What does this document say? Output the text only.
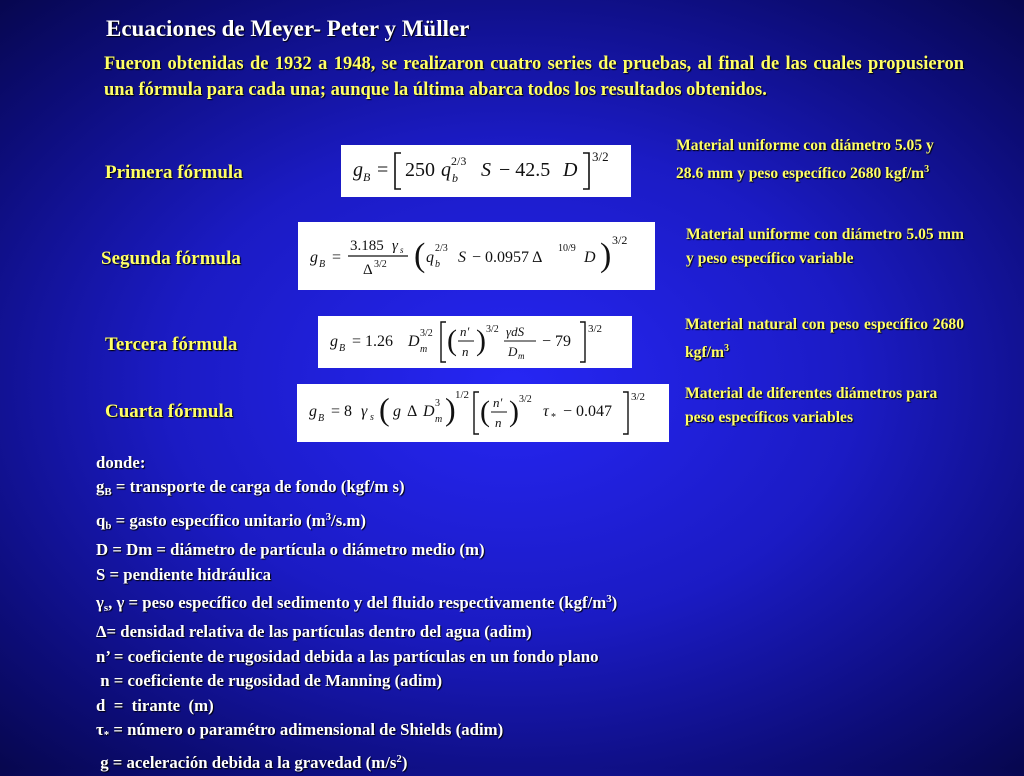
Ecuaciones de Meyer- Peter y Müller
Fueron obtenidas de 1932 a 1948, se realizaron cuatro series de pruebas, al final de las cuales propusieron una fórmula para cada una; aunque la última abarca todos los resultados obtenidos.
Primera fórmula
Segunda fórmula
Tercera fórmula
Cuarta fórmula
g B = 250 q b
2/3 S − 42.5 D
3/2
g B =
3.185 γ s
Δ 3/2 ( q b
2/3
S − 0.0957 Δ
10/9
D ) 3/2
g B = 1.26 D m
3/2 ( n′
n ) 3/2 γdS
D m
− 79
3/2
g B = 8 γ s ( g Δ D m
3 ) 1/2 ( n′
n ) 3/2
τ * − 0.047
3/2
Material uniforme con diámetro 5.05 y 28.6 mm y peso específico 2680 kgf/$m^3$
Material uniforme con diámetro 5.05 mm y peso específico variable
Material natural con peso específico 2680 kgf/$m^3$
Material de diferentes diámetros para peso específicos variables
donde:
$g_B$ = transporte de carga de fondo (kgf/m s)
$q_b$ = gasto específico unitario $(m^3/s.m)$
D = Dm = diámetro de partícula o diámetro medio (m)
S = pendiente hidráulica
$\gamma_s$, γ = peso específico del sedimento y del fluido respectivamente $(kgf/m^3)$
Δ= densidad relativa de las partículas dentro del agua (adim)
n’ = coeficiente de rugosidad debida a las partículas en un fondo plano
n = coeficiente de rugosidad de Manning (adim)
d  =  tirante  (m)
$\tau_*$ = número o paramétro adimensional de Shields (adim)
g = aceleración debida a la gravedad $(m/s^2)$
